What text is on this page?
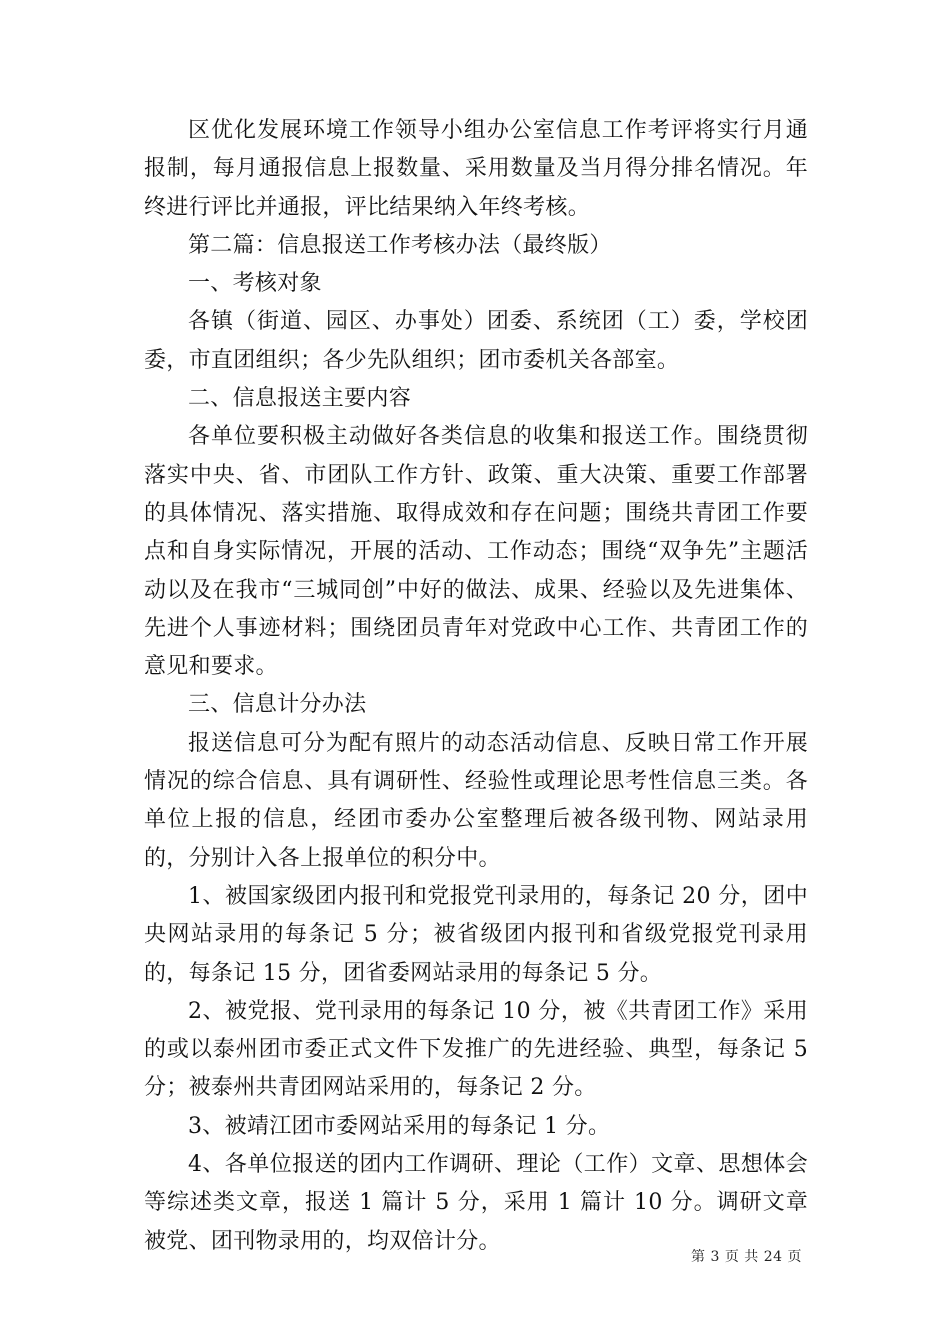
区优化发展环境工作领导小组办公室信息工作考评将实行月通报制，每月通报信息上报数量、采用数量及当月得分排名情况。年终进行评比并通报，评比结果纳入年终考核。

第二篇：信息报送工作考核办法（最终版）

一、考核对象

各镇（街道、园区、办事处）团委、系统团（工）委，学校团委，市直团组织；各少先队组织；团市委机关各部室。

二、信息报送主要内容

各单位要积极主动做好各类信息的收集和报送工作。围绕贯彻落实中央、省、市团队工作方针、政策、重大决策、重要工作部署的具体情况、落实措施、取得成效和存在问题；围绕共青团工作要点和自身实际情况，开展的活动、工作动态；围绕“双争先”主题活动以及在我市“三城同创”中好的做法、成果、经验以及先进集体、先进个人事迹材料；围绕团员青年对党政中心工作、共青团工作的意见和要求。

三、信息计分办法

报送信息可分为配有照片的动态活动信息、反映日常工作开展情况的综合信息、具有调研性、经验性或理论思考性信息三类。各单位上报的信息，经团市委办公室整理后被各级刊物、网站录用的，分别计入各上报单位的积分中。

1、被国家级团内报刊和党报党刊录用的，每条记 20 分，团中央网站录用的每条记 5 分；被省级团内报刊和省级党报党刊录用的，每条记 15 分，团省委网站录用的每条记 5 分。

2、被党报、党刊录用的每条记 10 分，被《共青团工作》采用的或以泰州团市委正式文件下发推广的先进经验、典型，每条记 5 分；被泰州共青团网站采用的，每条记 2 分。

3、被靖江团市委网站采用的每条记 1 分。

4、各单位报送的团内工作调研、理论（工作）文章、思想体会等综述类文章，报送 1 篇计 5 分，采用 1 篇计 10 分。调研文章被党、团刊物录用的，均双倍计分。

第 3 页 共 24 页
